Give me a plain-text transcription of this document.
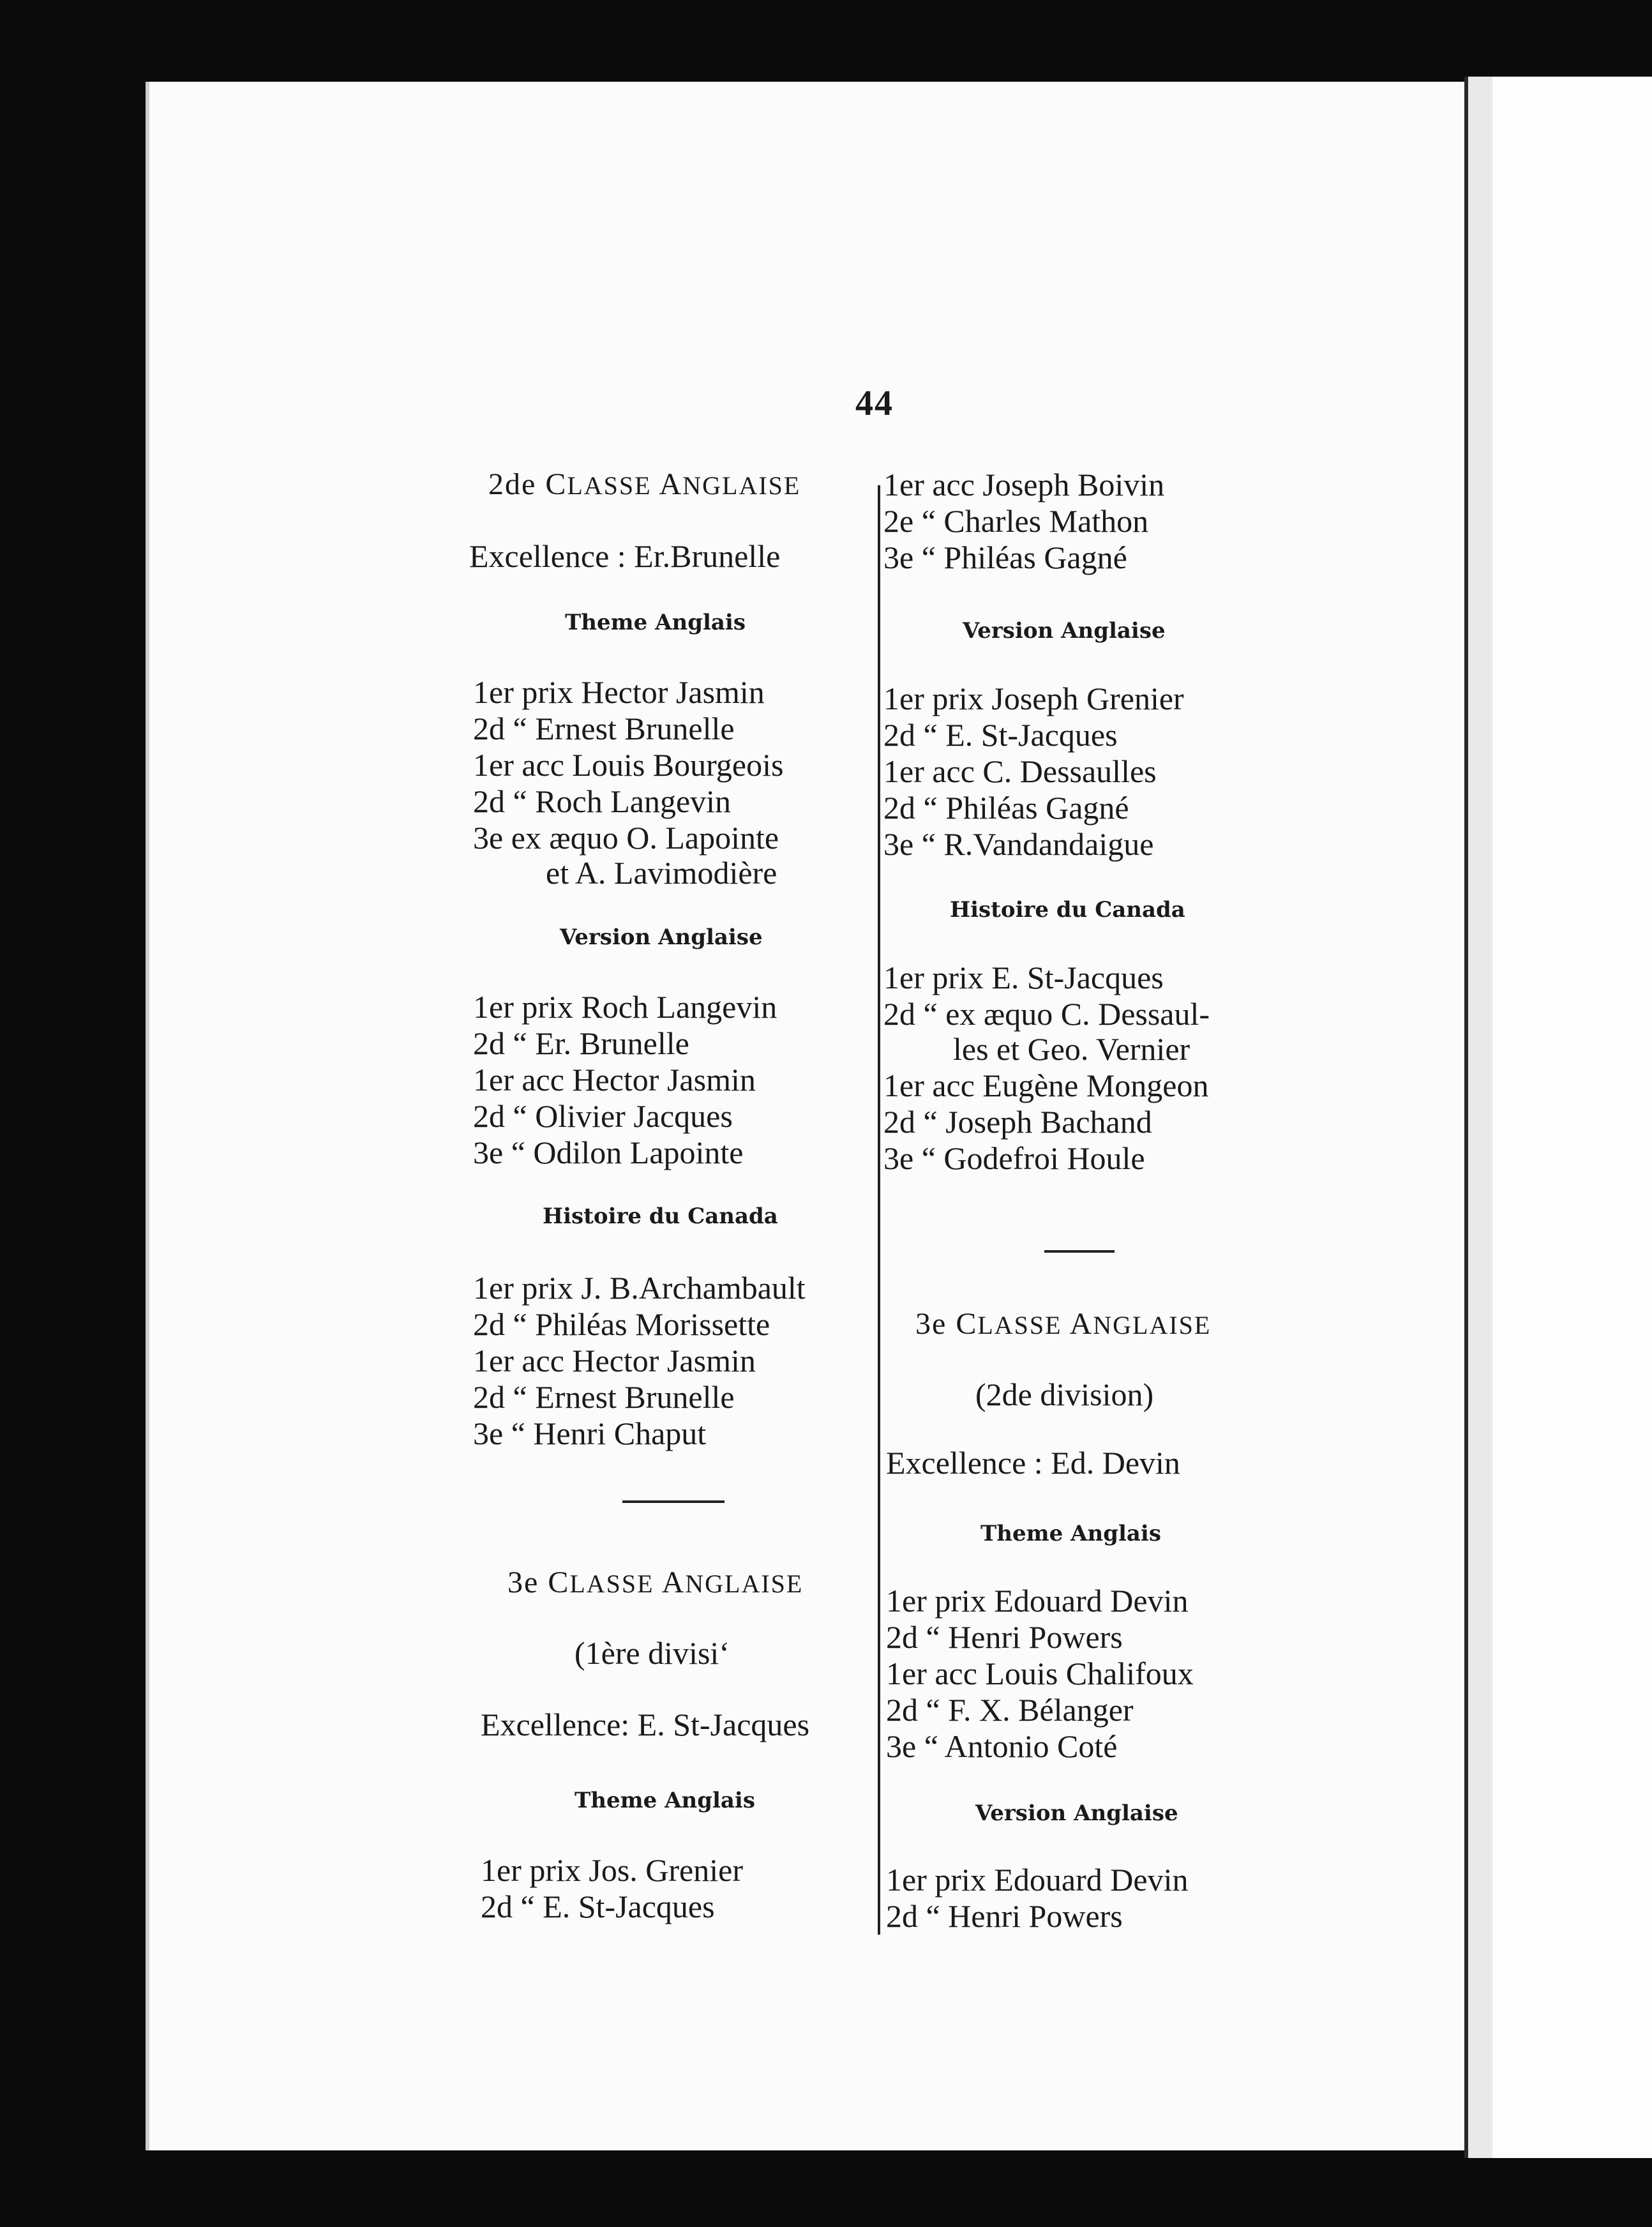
44
2de CLASSE ANGLAISE
Excellence : Er.Brunelle
Theme Anglais
1er prix Hector Jasmin
2d “ Ernest Brunelle
1er acc Louis Bourgeois
2d “ Roch Langevin
3e ex æquo O. Lapointe
et A. Lavimodière
Version Anglaise
1er prix Roch Langevin
2d “ Er. Brunelle
1er acc Hector Jasmin
2d “ Olivier Jacques
3e “ Odilon Lapointe
Histoire du Canada
1er prix J. B.Archambault
2d “ Philéas Morissette
1er acc Hector Jasmin
2d “ Ernest Brunelle
3e “ Henri Chaput
3e CLASSE ANGLAISE
(1ère divisi‘
Excellence: E. St-Jacques
Theme Anglais
1er prix Jos. Grenier
2d “ E. St-Jacques
1er acc Joseph Boivin
2e “ Charles Mathon
3e “ Philéas Gagné
Version Anglaise
1er prix Joseph Grenier
2d “ E. St-Jacques
1er acc C. Dessaulles
2d “ Philéas Gagné
3e “ R.Vandandaigue
Histoire du Canada
1er prix E. St-Jacques
2d “ ex æquo C. Dessaul-
les et Geo. Vernier
1er acc Eugène Mongeon
2d “ Joseph Bachand
3e “ Godefroi Houle
3e CLASSE ANGLAISE
(2de division)
Excellence : Ed. Devin
Theme Anglais
1er prix Edouard Devin
2d “ Henri Powers
1er acc Louis Chalifoux
2d “ F. X. Bélanger
3e “ Antonio Coté
Version Anglaise
1er prix Edouard Devin
2d “ Henri Powers
